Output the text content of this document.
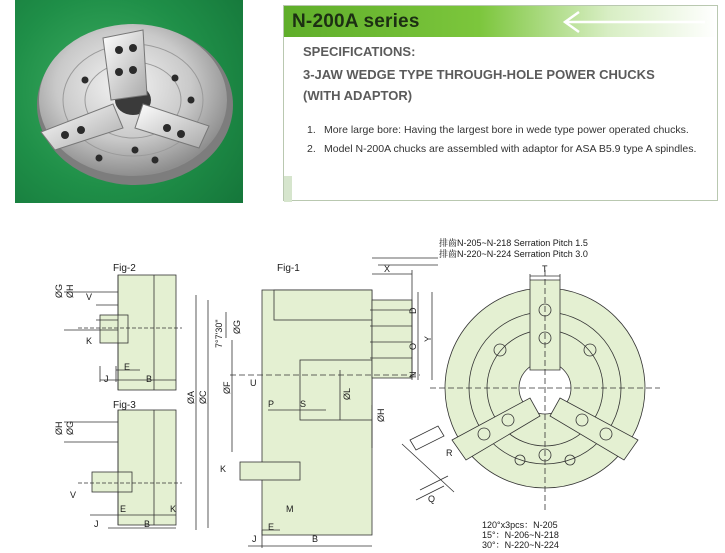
N-200A series
SPECIFICATIONS:
3-JAW WEDGE TYPE THROUGH-HOLE POWER CHUCKS
(WITH ADAPTOR)
1. More large bore: Having the largest bore in wede type power operated chucks.
2. Model N-200A chucks are assembled with adaptor for ASA B5.9 type A spindles.
Fig-2
Fig-3
Fig-1
排齒N-205~N-218 Serration Pitch 1.5
排齒N-220~N-224 Serration Pitch 3.0
ØG ØH V
K
E
J	B
ØH ØG
V
K
E
J	B
7°7'30" ØG
ØA ØC
ØF U
P	S
ØL
ØH
K
J
E
M
B
X
D
O
N
Y
T
R
Q
120°x3pcs：N-205
15°：N-206~N-218
30°：N-220~N-224
